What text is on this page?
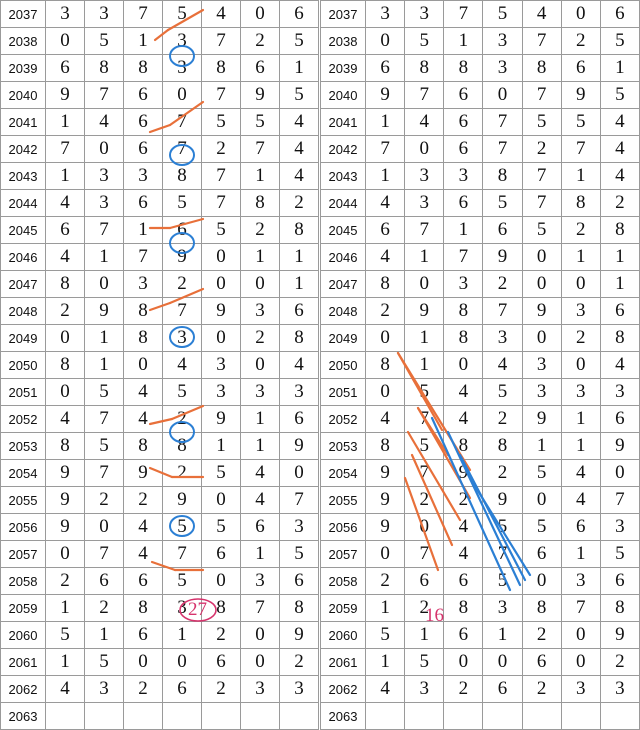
2037	3	3	7	5	4	0	6
2038	0	5	1	3	7	2	5
2039	6	8	8	3	8	6	1
2040	9	7	6	0	7	9	5
2041	1	4	6	7	5	5	4
2042	7	0	6	7	2	7	4
2043	1	3	3	8	7	1	4
2044	4	3	6	5	7	8	2
2045	6	7	1	6	5	2	8
2046	4	1	7	9	0	1	1
2047	8	0	3	2	0	0	1
2048	2	9	8	7	9	3	6
2049	0	1	8	3	0	2	8
2050	8	1	0	4	3	0	4
2051	0	5	4	5	3	3	3
2052	4	7	4	2	9	1	6
2053	8	5	8	8	1	1	9
2054	9	7	9	2	5	4	0
2055	9	2	2	9	0	4	7
2056	9	0	4	5	5	6	3
2057	0	7	4	7	6	1	5
2058	2	6	6	5	0	3	6
2059	1	2	8	3	8	7	8
2060	5	1	6	1	2	0	9
2061	1	5	0	0	6	0	2
2062	4	3	2	6	2	3	3
2063							
27
2037	3	3	7	5	4	0	6
2038	0	5	1	3	7	2	5
2039	6	8	8	3	8	6	1
2040	9	7	6	0	7	9	5
2041	1	4	6	7	5	5	4
2042	7	0	6	7	2	7	4
2043	1	3	3	8	7	1	4
2044	4	3	6	5	7	8	2
2045	6	7	1	6	5	2	8
2046	4	1	7	9	0	1	1
2047	8	0	3	2	0	0	1
2048	2	9	8	7	9	3	6
2049	0	1	8	3	0	2	8
2050	8	1	0	4	3	0	4
2051	0	5	4	5	3	3	3
2052	4	7	4	2	9	1	6
2053	8	5	8	8	1	1	9
2054	9	7	9	2	5	4	0
2055	9	2	2	9	0	4	7
2056	9	0	4	5	5	6	3
2057	0	7	4	7	6	1	5
2058	2	6	6	5	0	3	6
2059	1	2	8	3	8	7	8
2060	5	1	6	1	2	0	9
2061	1	5	0	0	6	0	2
2062	4	3	2	6	2	3	3
2063							
16
